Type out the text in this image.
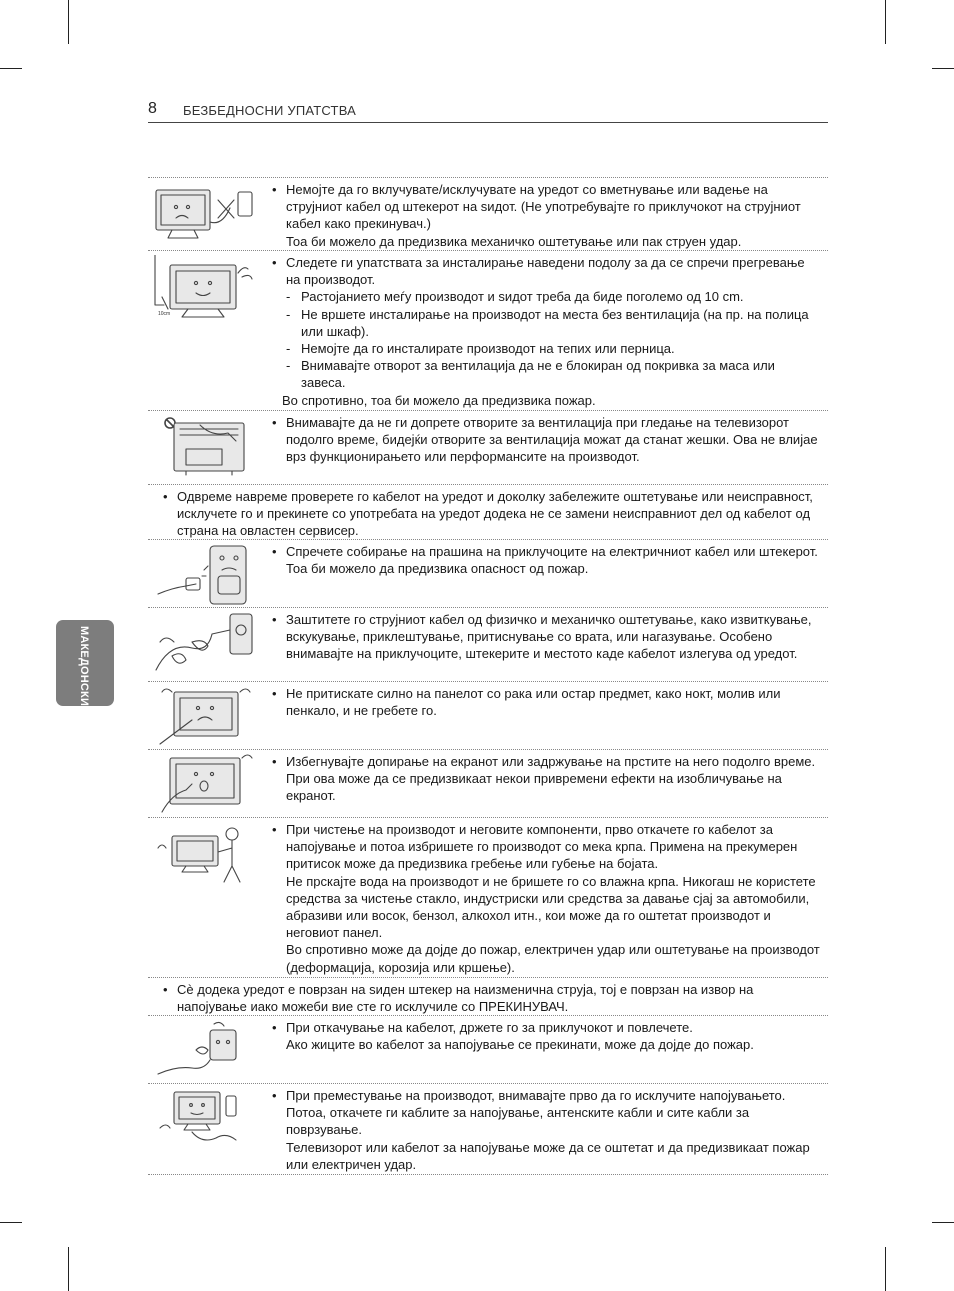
8 БЕЗБЕДНОСНИ УПАТСТВА
МАКЕДОНСКИ
• Немојте да го вклучувате/исклучувате на уредот со вметнување или вадење на струјниот кабел од штекерот на ѕидот. (Не употребувајте го приклучокот на струјниот кабел како прекинувач.)
Тоа би можело да предизвика механичко оштетување или пак струен удар.
10cm
• Следете ги упатствата за инсталирање наведени подолу за да се спречи прегревање на производот.
- Растојанието меѓу производот и ѕидот треба да биде поголемо од 10 cm.
- Не вршете инсталирање на производот на места без вентилација (на пр. на полица или шкаф).
- Немојте да го инсталирате производот на тепих или перница.
- Внимавајте отворот за вентилација да не е блокиран од покривка за маса или завеса.
Во спротивно, тоа би можело да предизвика пожар.
• Внимавајте да не ги допрете отворите за вентилација при гледање на телевизорот подолго време, бидејќи отворите за вентилација можат да станат жешки. Ова не влијае врз функционирањето или перформансите на производот.
• Одвреме навреме проверете го кабелот на уредот и доколку забележите оштетување или неисправност, исклучете го и прекинете со употребата на уредот додека не се замени неисправниот дел од кабелот од страна на овластен сервисер.
• Спречете собирање на прашина на приклучоците на електричниот кабел или штекерот.
Тоа би можело да предизвика опасност од пожар.
• Заштитете го струјниот кабел од физичко и механичко оштетување, како извиткување, вскукување, приклештување, притиснување со врата, или нагазување. Особено внимавајте на приклучоците, штекерите и местото каде кабелот излегува од уредот.
• Не притискате силно на панелот со рака или остар предмет, како нокт, молив или пенкало, и не гребете го.
• Избегнувајте допирање на екранот или задржување на прстите на него подолго време. При ова може да се предизвикаат некои привремени ефекти на изобличување на екранот.
• При чистење на производот и неговите компоненти, прво откачете го кабелот за напојување и потоа избришете го производот со мека крпа. Примена на прекумерен притисок може да предизвика гребење или губење на бојата.
Не прскајте вода на производот и не бришете го со влажна крпа. Никогаш не користете средства за чистење стакло, индустриски или средства за давање сјај за автомобили, абразиви или восок, бензол, алкохол итн., кои може да го оштетат производот и неговиот панел.
Во спротивно може да дојде до пожар, електричен удар или оштетување на производот (деформација, корозија или кршење).
• Сè додека уредот е поврзан на ѕиден штекер на наизменична струја, тој е поврзан на извор на напојување иако можеби вие сте го исклучиле со ПРЕКИНУВАЧ.
• При откачување на кабелот, држете го за приклучокот и повлечете.
Ако жиците во кабелот за напојување се прекинати, може да дојде до пожар.
• При преместување на производот, внимавајте прво да го исклучите напојувањето. Потоа, откачете ги каблите за напојување, антенските кабли и сите кабли за поврзување.
Телевизорот или кабелот за напојување може да се оштетат и да предизвикаат пожар или електричен удар.
